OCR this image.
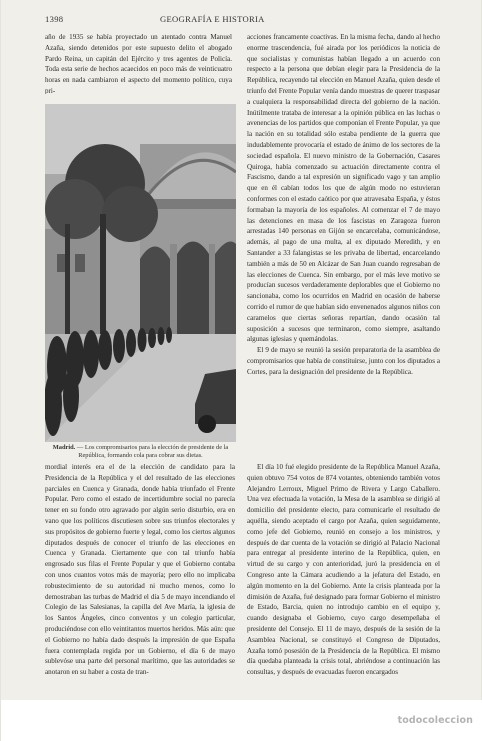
1398	GEOGRAFÍA E HISTORIA

año de 1935 se había proyectado un atentado contra Manuel Azaña, siendo detenidos por este supuesto delito el abogado Pardo Reina, un capitán del Ejército y tres agentes de Policía. Toda esta serie de hechos acaecidos en poco más de veinticuatro horas en nada cambiaron el aspecto del momento político, cuya pri-

Madrid. — Los compromisarios para la elección de presidente de la República, formando cola para cobrar sus dietas.

acciones francamente coactivas. En la misma fecha, dando al hecho enorme trascendencia, fué airada por los periódicos la noticia de que socialistas y comunistas habían llegado a un acuerdo con respecto a la persona que debían elegir para la Presidencia de la República, recayendo tal elección en Manuel Azaña, quien desde el triunfo del Frente Popular venía dando muestras de querer traspasar a cualquiera la responsabilidad directa del gobierno de la nación. Inútilmente trataba de interesar a la opinión pública en las luchas o avenencias de los partidos que componían el Frente Popular, ya que la nación en su totalidad sólo estaba pendiente de la guerra que indudablemente provocaría el estado de ánimo de los sectores de la sociedad española. El nuevo ministro de la Gobernación, Casares Quiroga, había comenzado su actuación directamente contra el Fascismo, dando a tal expresión un significado vago y tan amplio que en él cabían todos los que de algún modo no estuvieran conformes con el estado caótico por que atravesaba España, y éstos formaban la mayoría de los españoles. Al comenzar el 7 de mayo las detenciones en masa de los fascistas en Zaragoza fueron arrestadas 140 personas en Gijón se encarcelaba, comunicándose, además, al pago de una multa, al ex diputado Meredith, y en Santander a 33 falangistas se les privaba de libertad, encarcelando también a más de 50 en Alcázar de San Juan cuando regresaban de las elecciones de Cuenca. Sin embargo, por el más leve motivo se producían sucesos verdaderamente deplorables que el Gobierno no sancionaba, como los ocurridos en Madrid en ocasión de haberse corrido el rumor de que habían sido envenenados algunos niños con caramelos que ciertas señoras repartían, dando ocasión tal suposición a sucesos que terminaron, como siempre, asaltando algunas iglesias y quemándolas.

El 9 de mayo se reunió la sesión preparatoria de la asamblea de compromisarios que había de constituirse, junto con los diputados a Cortes, para la designación del presidente de la República.

mordial interés era el de la elección de candidato para la Presidencia de la República y el del resultado de las elecciones parciales en Cuenca y Granada, donde había triunfado el Frente Popular. Pero como el estado de incertidumbre social no parecía tener en su fondo otro agravado por algún serio disturbio, era en vano que los políticos discutiesen sobre sus triunfos electorales y sus propósitos de gobierno fuerte y legal, como los ciertos algunos diputados después de conocer el triunfo de las elecciones en Cuenca y Granada. Ciertamente que con tal triunfo había engrosado sus filas el Frente Popular y que el Gobierno contaba con unos cuantos votos más de mayoría; pero ello no implicaba robustecimiento de su autoridad ni mucho menos, como lo demostraban las turbas de Madrid el día 5 de mayo incendiando el Colegio de las Salesianas, la capilla del Ave María, la iglesia de los Santos Ángeles, cinco conventos y un colegio particular, produciéndose con ello veintitantos muertos heridos. Más aún: que el Gobierno no había dado después la impresión de que España fuera contemplada regida por un Gobierno, el día 6 de mayo sublevóse una parte del personal marítimo, que las autoridades se anotaron en su haber a costa de tran-

El día 10 fué elegido presidente de la República Manuel Azaña, quien obtuvo 754 votos de 874 votantes, obteniendo también votos Alejandro Lerroux, Miguel Primo de Rivera y Largo Caballero. Una vez efectuada la votación, la Mesa de la asamblea se dirigió al domicilio del presidente electo, para comunicarle el resultado de aquélla, siendo aceptado el cargo por Azaña, quien seguidamente, como jefe del Gobierno, reunió en consejo a los ministros, y después de dar cuenta de la votación se dirigió al Palacio Nacional para entregar al presidente interino de la República, quien, en virtud de su cargo y con anterioridad, juró la presidencia en el Congreso ante la Cámara acudiendo a la jefatura del Estado, en algún momento en la del Gobierno. Ante la crisis planteada por la dimisión de Azaña, fué designado para formar Gobierno el ministro de Estado, Barcia, quien no introdujo cambio en el equipo y, cuando designaba el Gobierno, cuyo cargo desempeñaba el presidente del Consejo. El 11 de mayo, después de la sesión de la Asamblea Nacional, se constituyó el Congreso de Diputados, Azaña tomó posesión de la Presidencia de la República. El mismo día quedaba planteada la crisis total, abriéndose a continuación las consultas, y después de evacuadas fueron encargados

todocoleccion
